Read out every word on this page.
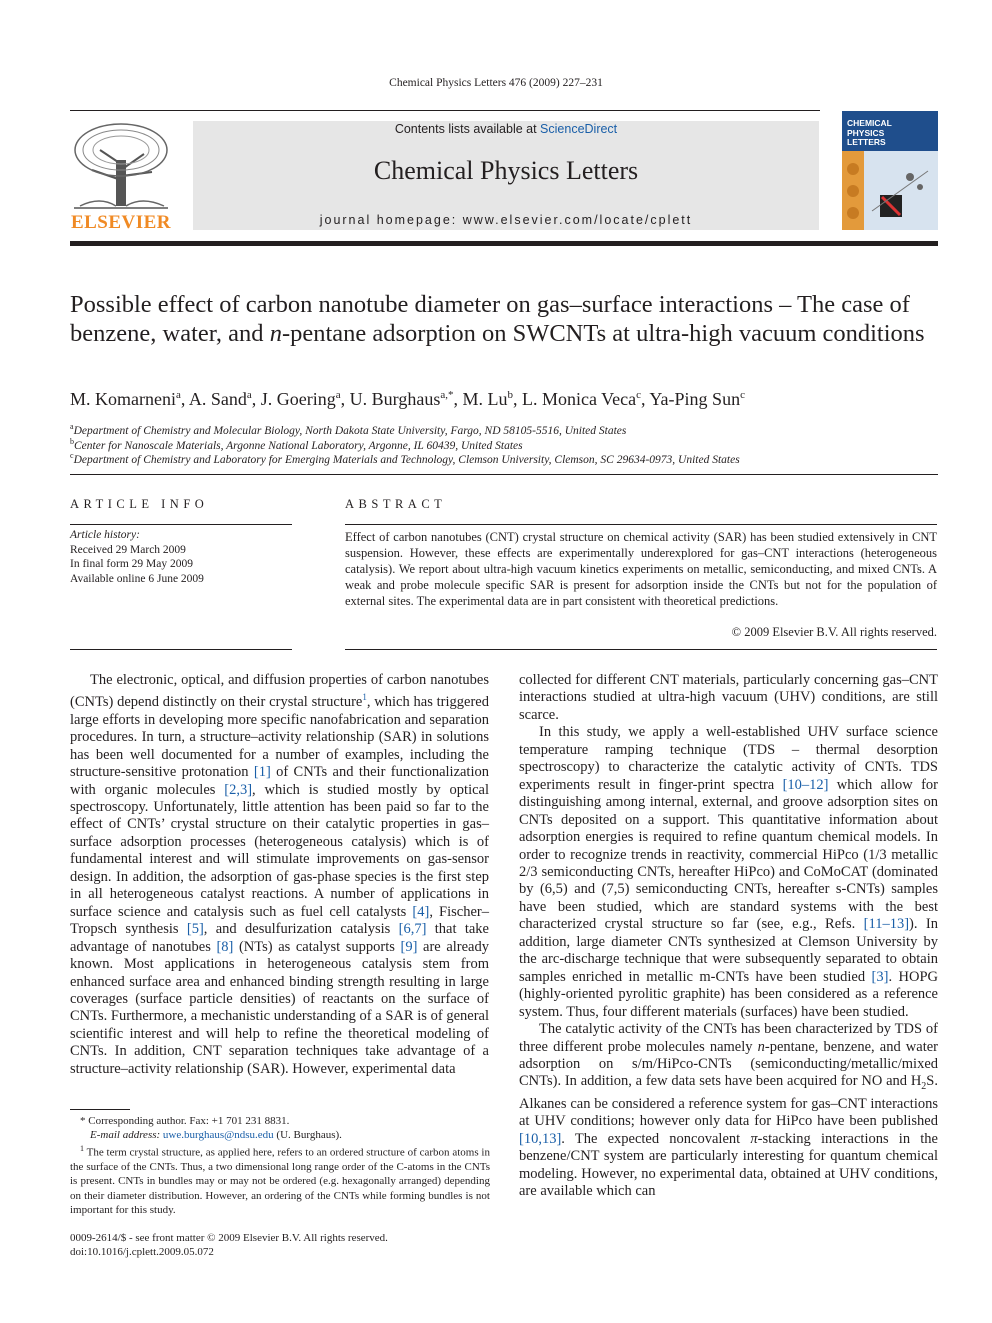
Chemical Physics Letters 476 (2009) 227–231
ELSEVIER
Contents lists available at ScienceDirect
Chemical Physics Letters
journal homepage: www.elsevier.com/locate/cplett
CHEMICAL
PHYSICS
LETTERS
Possible effect of carbon nanotube diameter on gas–surface interactions – The case of benzene, water, and n-pentane adsorption on SWCNTs at ultra-high vacuum conditions
M. Komarneni$^a$, A. Sand$^a$, J. Goering$^a$, U. Burghaus$^{a,*}$, M. Lu$^b$, L. Monica Veca$^c$, Ya-Ping Sun$^c$
$^a$Department of Chemistry and Molecular Biology, North Dakota State University, Fargo, ND 58105-5516, United States
$^b$Center for Nanoscale Materials, Argonne National Laboratory, Argonne, IL 60439, United States
$^c$Department of Chemistry and Laboratory for Emerging Materials and Technology, Clemson University, Clemson, SC 29634-0973, United States
ARTICLE INFO
Article history:
Received 29 March 2009
In final form 29 May 2009
Available online 6 June 2009
ABSTRACT
Effect of carbon nanotubes (CNT) crystal structure on chemical activity (SAR) has been studied extensively in CNT suspension. However, these effects are experimentally underexplored for gas–CNT interactions (heterogeneous catalysis). We report about ultra-high vacuum kinetics experiments on metallic, semiconducting, and mixed CNTs. A weak and probe molecule specific SAR is present for adsorption inside the CNTs but not for the population of external sites. The experimental data are in part consistent with theoretical predictions.
© 2009 Elsevier B.V. All rights reserved.

The electronic, optical, and diffusion properties of carbon nanotubes (CNTs) depend distinctly on their crystal structure$^1$, which has triggered large efforts in developing more specific nanofabrication and separation procedures. In turn, a structure–activity relationship (SAR) in solutions has been well documented for a number of examples, including the structure-sensitive protonation [1] of CNTs and their functionalization with organic molecules [2,3], which is studied mostly by optical spectroscopy. Unfortunately, little attention has been paid so far to the effect of CNTs’ crystal structure on their catalytic properties in gas–surface adsorption processes (heterogeneous catalysis) which is of fundamental interest and will stimulate improvements on gas-sensor design. In addition, the adsorption of gas-phase species is the first step in all heterogeneous catalyst reactions. A number of applications in surface science and catalysis such as fuel cell catalysts [4], Fischer–Tropsch synthesis [5], and desulfurization catalysis [6,7] that take advantage of nanotubes [8] (NTs) as catalyst supports [9] are already known. Most applications in heterogeneous catalysis stem from enhanced surface area and enhanced binding strength resulting in large coverages (surface particle densities) of reactants on the surface of CNTs. Furthermore, a mechanistic understanding of a SAR is of general scientific interest and will help to refine the theoretical modeling of CNTs. In addition, CNT separation techniques take advantage of a structure–activity relationship (SAR). However, experimental data

collected for different CNT materials, particularly concerning gas–CNT interactions studied at ultra-high vacuum (UHV) conditions, are still scarce.

In this study, we apply a well-established UHV surface science temperature ramping technique (TDS – thermal desorption spectroscopy) to characterize the catalytic activity of CNTs. TDS experiments result in finger-print spectra [10–12] which allow for distinguishing among internal, external, and groove adsorption sites on CNTs deposited on a support. This quantitative information about adsorption energies is required to refine quantum chemical models. In order to recognize trends in reactivity, commercial HiPco (1/3 metallic 2/3 semiconducting CNTs, hereafter HiPco) and CoMoCAT (dominated by (6,5) and (7,5) semiconducting CNTs, hereafter s-CNTs) samples have been studied, which are standard systems with the best characterized crystal structure so far (see, e.g., Refs. [11–13]). In addition, large diameter CNTs synthesized at Clemson University by the arc-discharge technique that were subsequently separated to obtain samples enriched in metallic m-CNTs have been studied [3]. HOPG (highly-oriented pyrolitic graphite) has been considered as a reference system. Thus, four different materials (surfaces) have been studied.

The catalytic activity of the CNTs has been characterized by TDS of three different probe molecules namely n-pentane, benzene, and water adsorption on s/m/HiPco-CNTs (semiconducting/metallic/mixed CNTs). In addition, a few data sets have been acquired for NO and $H_2S$. Alkanes can be considered a reference system for gas–CNT interactions at UHV conditions; however only data for HiPco have been published [10,13]. The expected noncovalent π-stacking interactions in the benzene/CNT system are particularly interesting for quantum chemical modeling. However, no experimental data, obtained at UHV conditions, are available which can

* Corresponding author. Fax: +1 701 231 8831.

E-mail address: uwe.burghaus@ndsu.edu (U. Burghaus).

$^1$ The term crystal structure, as applied here, refers to an ordered structure of carbon atoms in the surface of the CNTs. Thus, a two dimensional long range order of the C-atoms in the CNTs is present. CNTs in bundles may or may not be ordered (e.g. hexagonally arranged) depending on their diameter distribution. However, an ordering of the CNTs while forming bundles is not important for this study.

0009-2614/$ - see front matter © 2009 Elsevier B.V. All rights reserved.
doi:10.1016/j.cplett.2009.05.072
